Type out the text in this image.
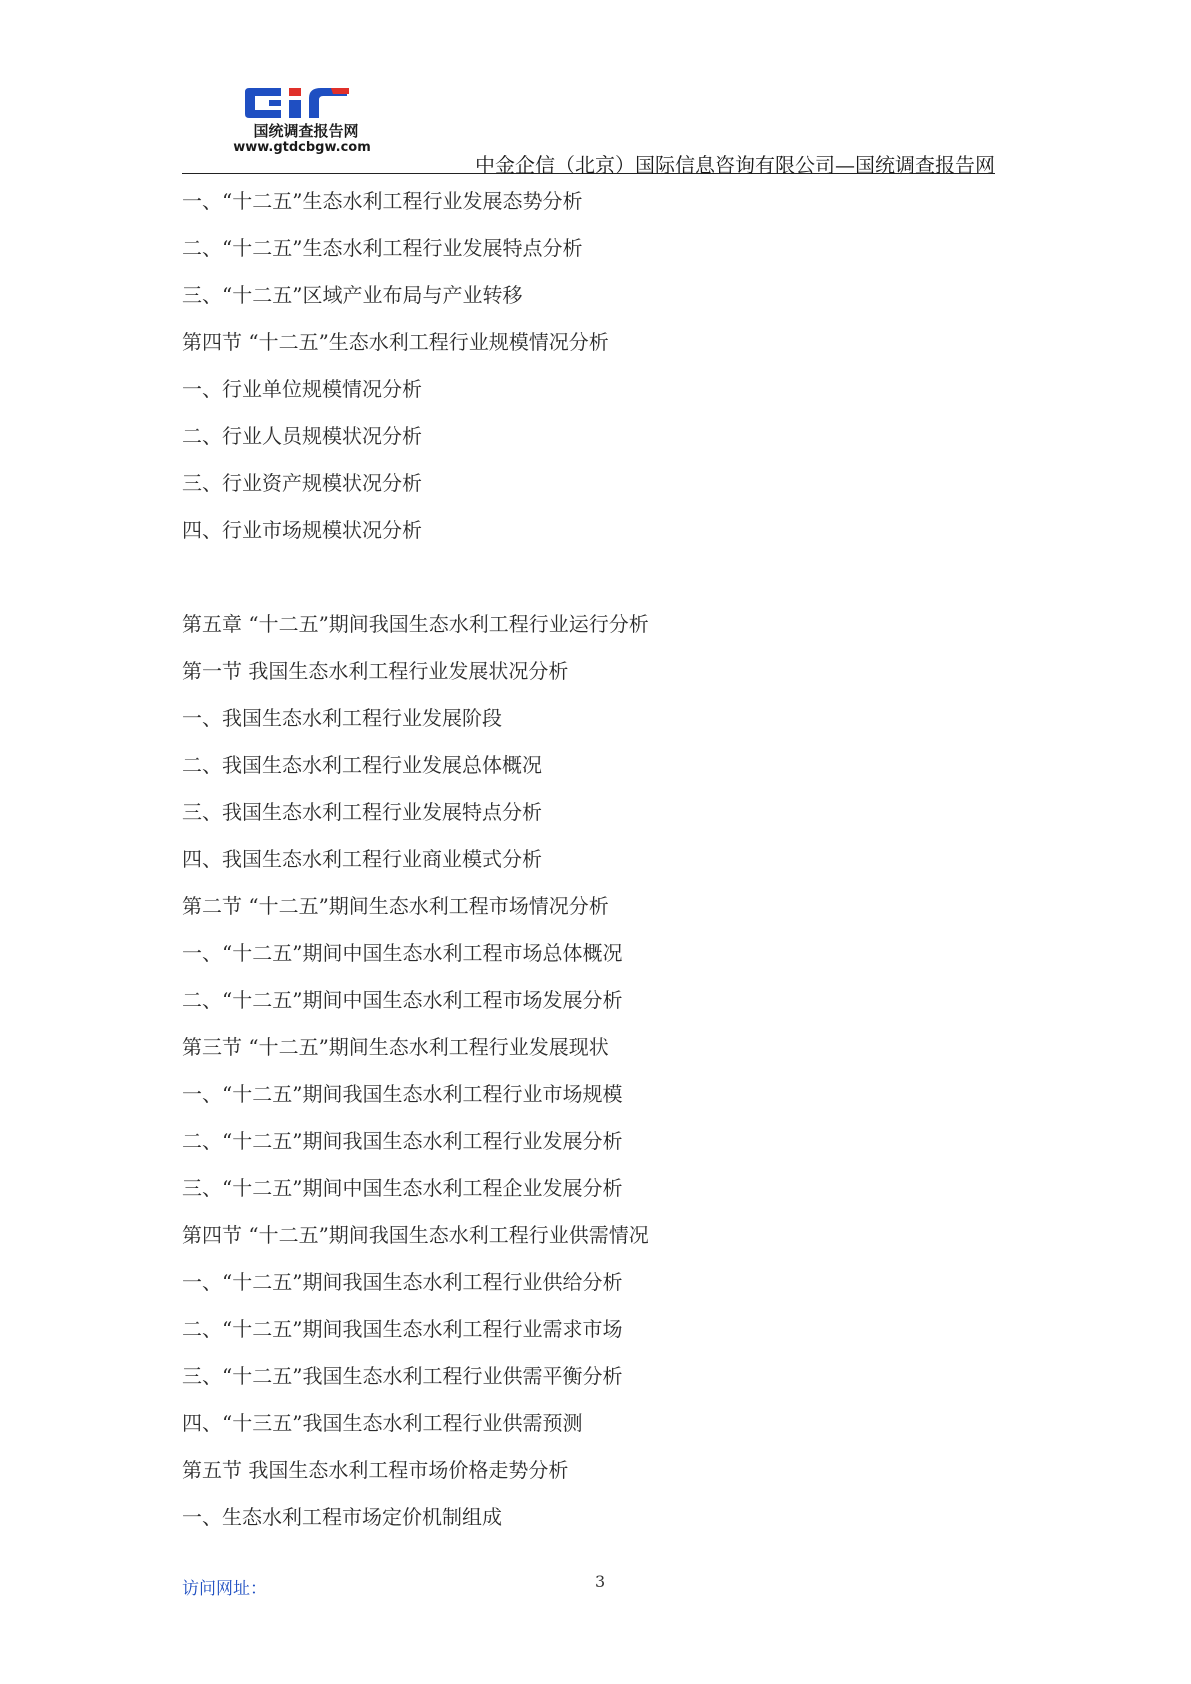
国统调查报告网
www.gtdcbgw.com
中金企信（北京）国际信息咨询有限公司—国统调查报告网
一、“十二五”生态水利工程行业发展态势分析
二、“十二五”生态水利工程行业发展特点分析
三、“十二五”区域产业布局与产业转移
第四节 “十二五”生态水利工程行业规模情况分析
一、行业单位规模情况分析
二、行业人员规模状况分析
三、行业资产规模状况分析
四、行业市场规模状况分析
第五章 “十二五”期间我国生态水利工程行业运行分析
第一节 我国生态水利工程行业发展状况分析
一、我国生态水利工程行业发展阶段
二、我国生态水利工程行业发展总体概况
三、我国生态水利工程行业发展特点分析
四、我国生态水利工程行业商业模式分析
第二节 “十二五”期间生态水利工程市场情况分析
一、“十二五”期间中国生态水利工程市场总体概况
二、“十二五”期间中国生态水利工程市场发展分析
第三节 “十二五”期间生态水利工程行业发展现状
一、“十二五”期间我国生态水利工程行业市场规模
二、“十二五”期间我国生态水利工程行业发展分析
三、“十二五”期间中国生态水利工程企业发展分析
第四节 “十二五”期间我国生态水利工程行业供需情况
一、“十二五”期间我国生态水利工程行业供给分析
二、“十二五”期间我国生态水利工程行业需求市场
三、“十二五”我国生态水利工程行业供需平衡分析
四、“十三五”我国生态水利工程行业供需预测
第五节 我国生态水利工程市场价格走势分析
一、生态水利工程市场定价机制组成
访问网址：	3
